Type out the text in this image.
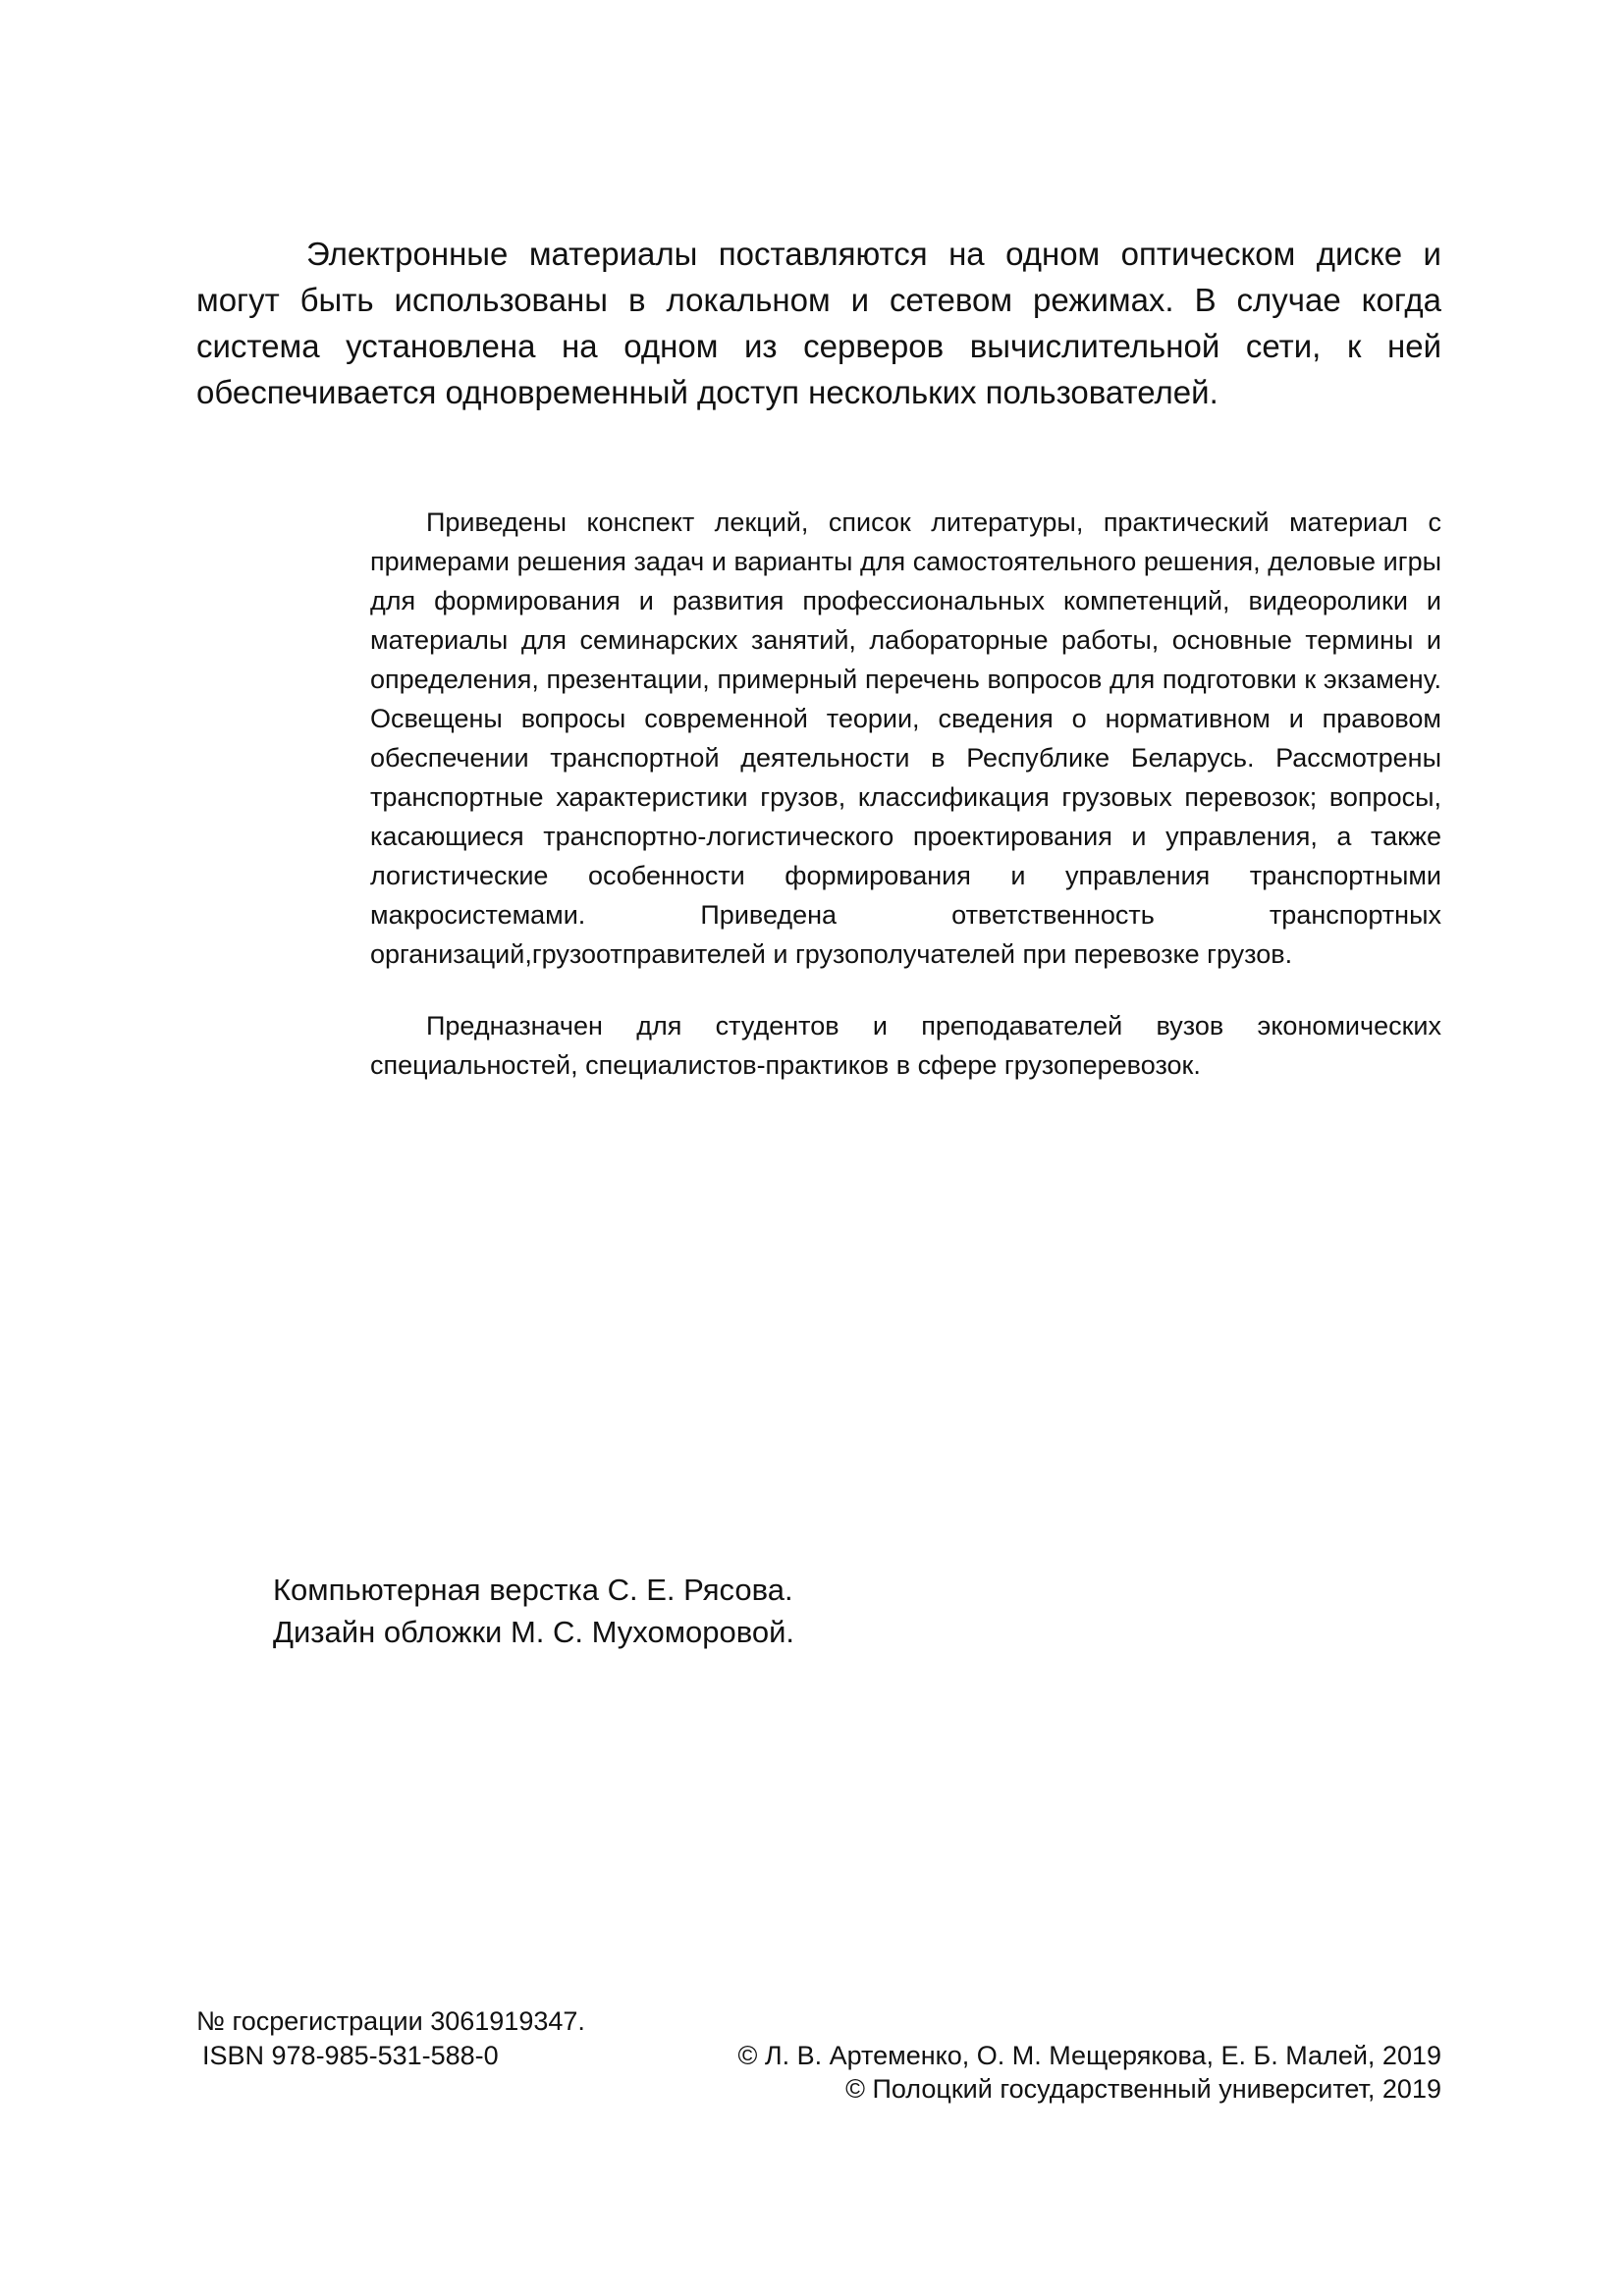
Электронные материалы поставляются на одном оптическом диске и могут быть использованы в локальном и сетевом режимах. В случае когда система установлена на одном из серверов вычислительной сети, к ней обеспечивается одновременный доступ нескольких пользователей.

Приведены конспект лекций, список литературы, практический материал с примерами решения задач и варианты для самостоятельного решения, деловые игры для формирования и развития профессиональных компетенций, видеоролики и материалы для семинарских занятий, лабораторные работы, основные термины и определения, презентации, примерный перечень вопросов для подготовки к экзамену. Освещены вопросы современной теории, сведения о нормативном и правовом обеспечении транспортной деятельности в Республике Беларусь. Рассмотрены транспортные характеристики грузов, классификация грузовых перевозок; вопросы, касающиеся транспортно-логистического проектирования и управления, а также логистические особенности формирования и управления транспортными макросистемами. Приведена ответственность транспортных организаций,грузоотправителей и грузополучателей при перевозке грузов.

Предназначен для студентов и преподавателей вузов экономических специальностей, специалистов-практиков в сфере грузоперевозок.

Компьютерная верстка С. Е. Рясова.
Дизайн обложки М. С. Мухоморовой.
№ госрегистрации 3061919347.
ISBN 978-985-531-588-0	© Л. В. Артеменко, О. М. Мещерякова, Е. Б. Малей, 2019
© Полоцкий государственный университет, 2019
